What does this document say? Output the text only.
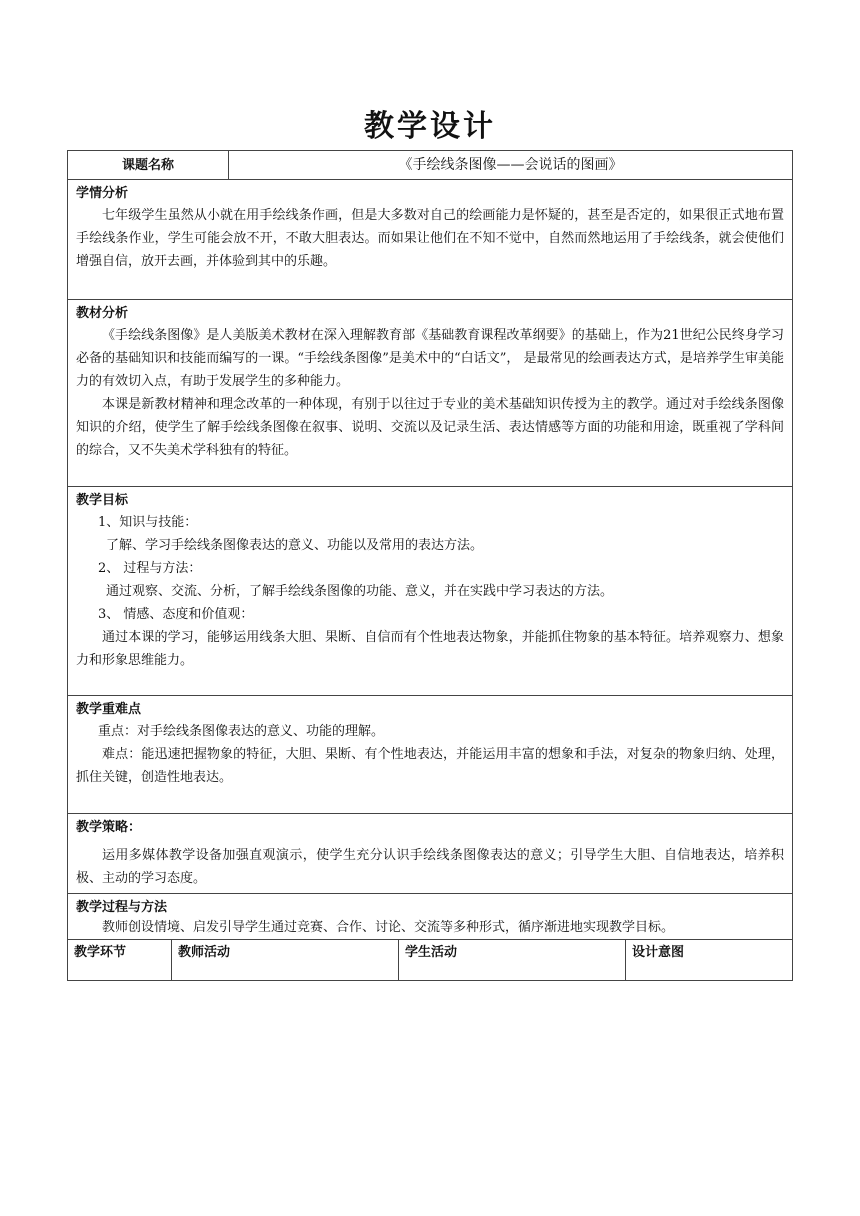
教学设计
课题名称	《手绘线条图像——会说话的图画》
学情分析

七年级学生虽然从小就在用手绘线条作画，但是大多数对自己的绘画能力是怀疑的，甚至是否定的，如果很正式地布置手绘线条作业，学生可能会放不开，不敢大胆表达。而如果让他们在不知不觉中，自然而然地运用了手绘线条，就会使他们增强自信，放开去画，并体验到其中的乐趣。

教材分析

《手绘线条图像》是人美版美术教材在深入理解教育部《基础教育课程改革纲要》的基础上，作为21世纪公民终身学习必备的基础知识和技能而编写的一课。“手绘线条图像”是美术中的“白话文”， 是最常见的绘画表达方式，是培养学生审美能力的有效切入点，有助于发展学生的多种能力。

本课是新教材精神和理念改革的一种体现，有别于以往过于专业的美术基础知识传授为主的教学。通过对手绘线条图像知识的介绍，使学生了解手绘线条图像在叙事、说明、交流以及记录生活、表达情感等方面的功能和用途，既重视了学科间的综合，又不失美术学科独有的特征。

教学目标

1、知识与技能：

了解、学习手绘线条图像表达的意义、功能以及常用的表达方法。

2、 过程与方法：

通过观察、交流、分析，了解手绘线条图像的功能、意义，并在实践中学习表达的方法。

3、 情感、态度和价值观：

通过本课的学习，能够运用线条大胆、果断、自信而有个性地表达物象，并能抓住物象的基本特征。培养观察力、想象力和形象思维能力。

教学重难点

重点：对手绘线条图像表达的意义、功能的理解。

难点：能迅速把握物象的特征，大胆、果断、有个性地表达，并能运用丰富的想象和手法，对复杂的物象归纳、处理，抓住关键，创造性地表达。

教学策略：

运用多媒体教学设备加强直观演示，使学生充分认识手绘线条图像表达的意义；引导学生大胆、自信地表达，培养积极、主动的学习态度。

教学过程与方法

教师创设情境、启发引导学生通过竞赛、合作、讨论、交流等多种形式，循序渐进地实现教学目标。

教学环节	教师活动	学生活动	设计意图
